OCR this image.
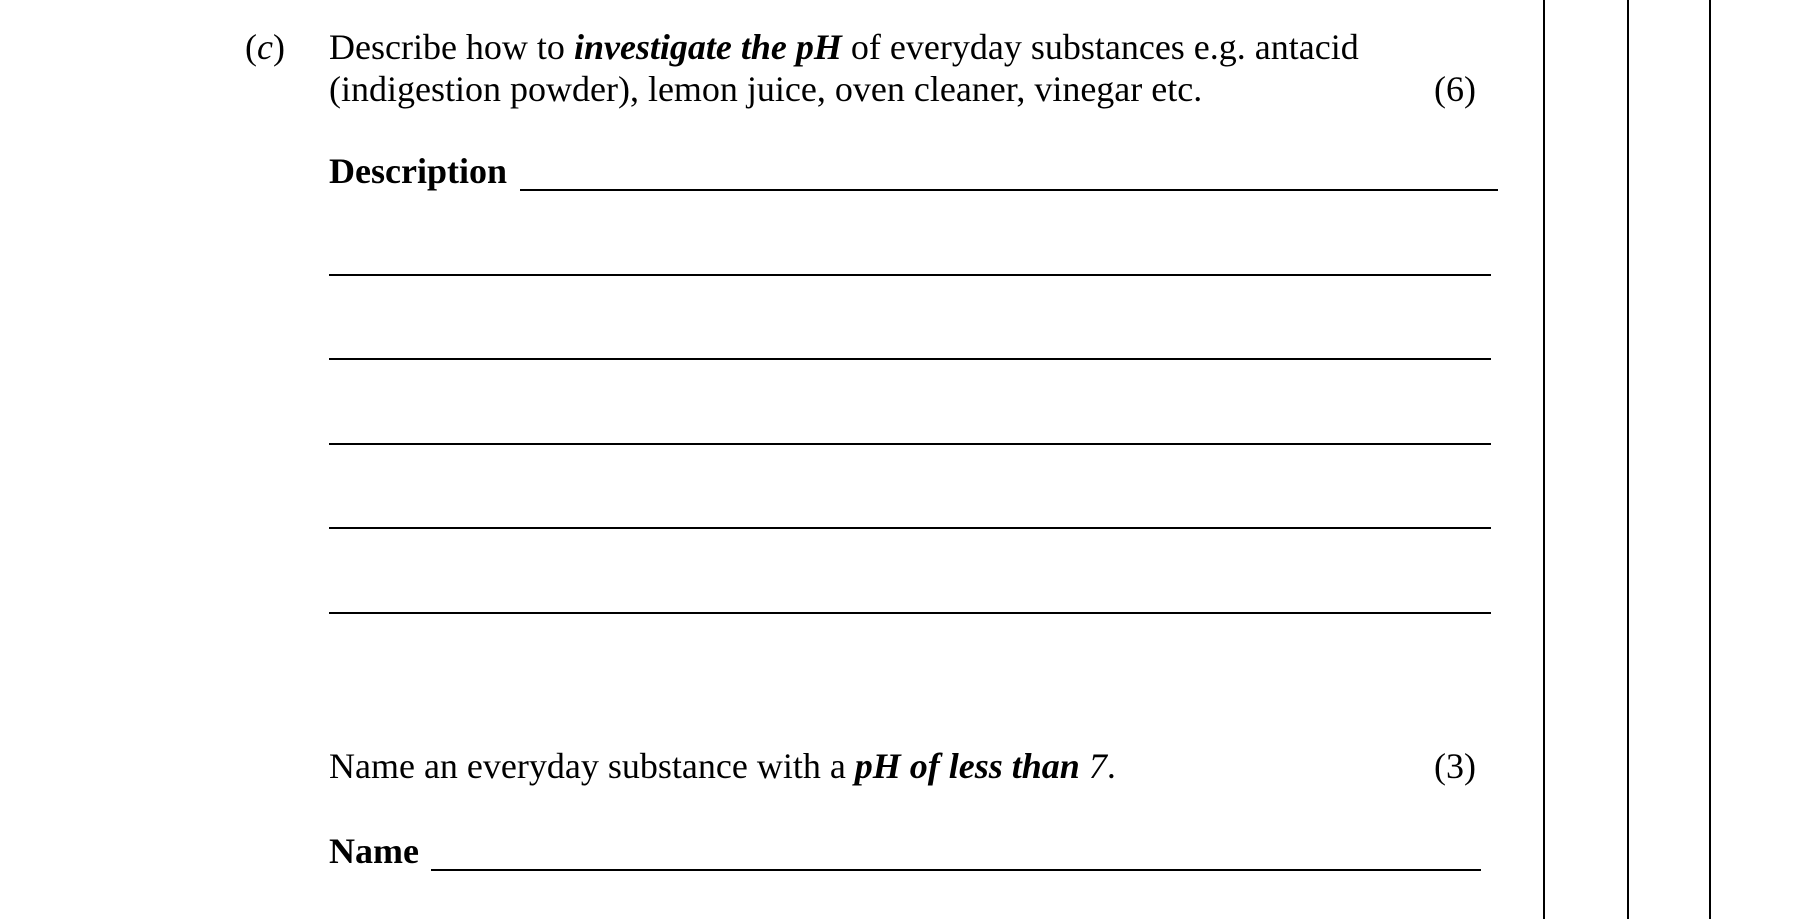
(c) Describe how to investigate the pH of everyday substances e.g. antacid
(indigestion powder), lemon juice, oven cleaner, vinegar etc.	(6)
Description
Name an everyday substance with a pH of less than 7.	(3)
Name
